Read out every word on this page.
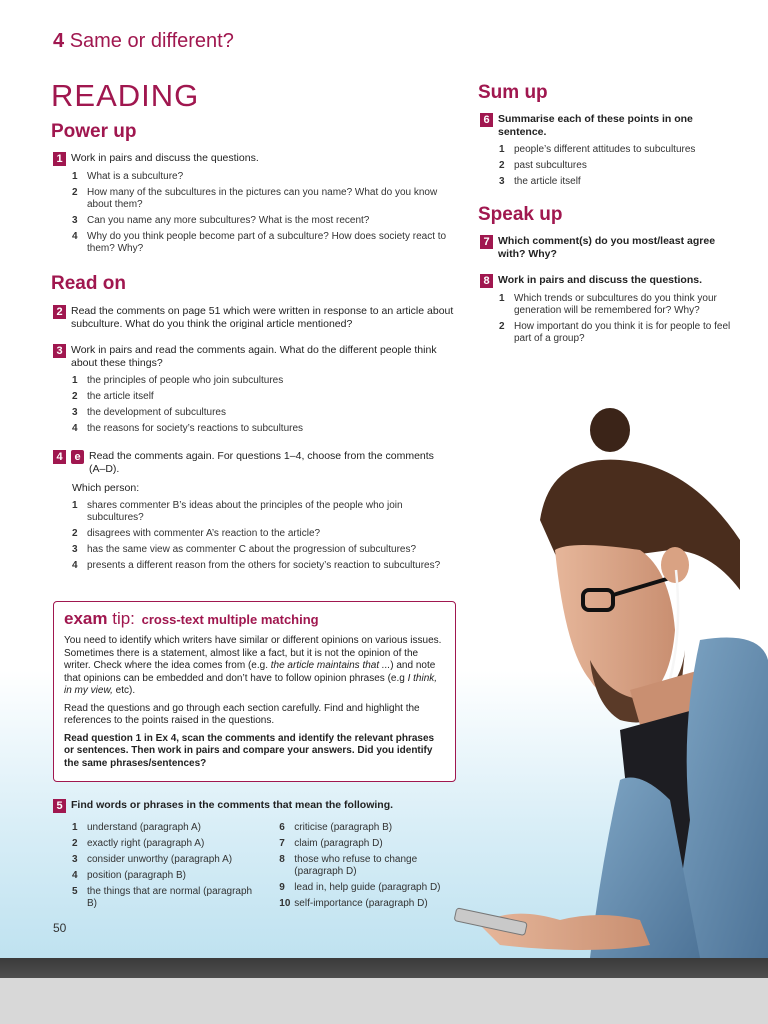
4 Same or different?
READING
Power up
1 Work in pairs and discuss the questions.
1 What is a subculture?
2 How many of the subcultures in the pictures can you name? What do you know about them?
3 Can you name any more subcultures? What is the most recent?
4 Why do you think people become part of a subculture? How does society react to them? Why?
Read on
2 Read the comments on page 51 which were written in response to an article about subculture. What do you think the original article mentioned?
3 Work in pairs and read the comments again. What do the different people think about these things?
1 the principles of people who join subcultures
2 the article itself
3 the development of subcultures
4 the reasons for society’s reactions to subcultures
4	e Read the comments again. For questions 1–4, choose from the comments (A–D).
Which person:
1 shares commenter B’s ideas about the principles of the people who join subcultures?
2 disagrees with commenter A’s reaction to the article?
3 has the same view as commenter C about the progression of subcultures?
4 presents a different reason from the others for society’s reaction to subcultures?
exam tip: cross-text multiple matching

You need to identify which writers have similar or different opinions on various issues. Sometimes there is a statement, almost like a fact, but it is not the opinion of the writer. Check where the idea comes from (e.g. the article maintains that ...) and note that opinions can be embedded and don’t have to follow opinion phrases (e.g I think, in my view, etc).

Read the questions and go through each section carefully. Find and highlight the references to the points raised in the questions.

Read question 1 in Ex 4, scan the comments and identify the relevant phrases or sentences. Then work in pairs and compare your answers. Did you identify the same phrases/sentences?

5 Find words or phrases in the comments that mean the following.
1 understand (paragraph A)
2 exactly right (paragraph A)
3 consider unworthy (paragraph A)
4 position (paragraph B)
5 the things that are normal (paragraph B)
6 criticise (paragraph B)
7 claim (paragraph D)
8 those who refuse to change (paragraph D)
9 lead in, help guide (paragraph D)
10 self-importance (paragraph D)
50
Sum up
6 Summarise each of these points in one sentence.
1 people’s different attitudes to subcultures
2 past subcultures
3 the article itself
Speak up
7 Which comment(s) do you most/least agree with? Why?
8 Work in pairs and discuss the questions.
1 Which trends or subcultures do you think your generation will be remembered for? Why?
2 How important do you think it is for people to feel part of a group?
